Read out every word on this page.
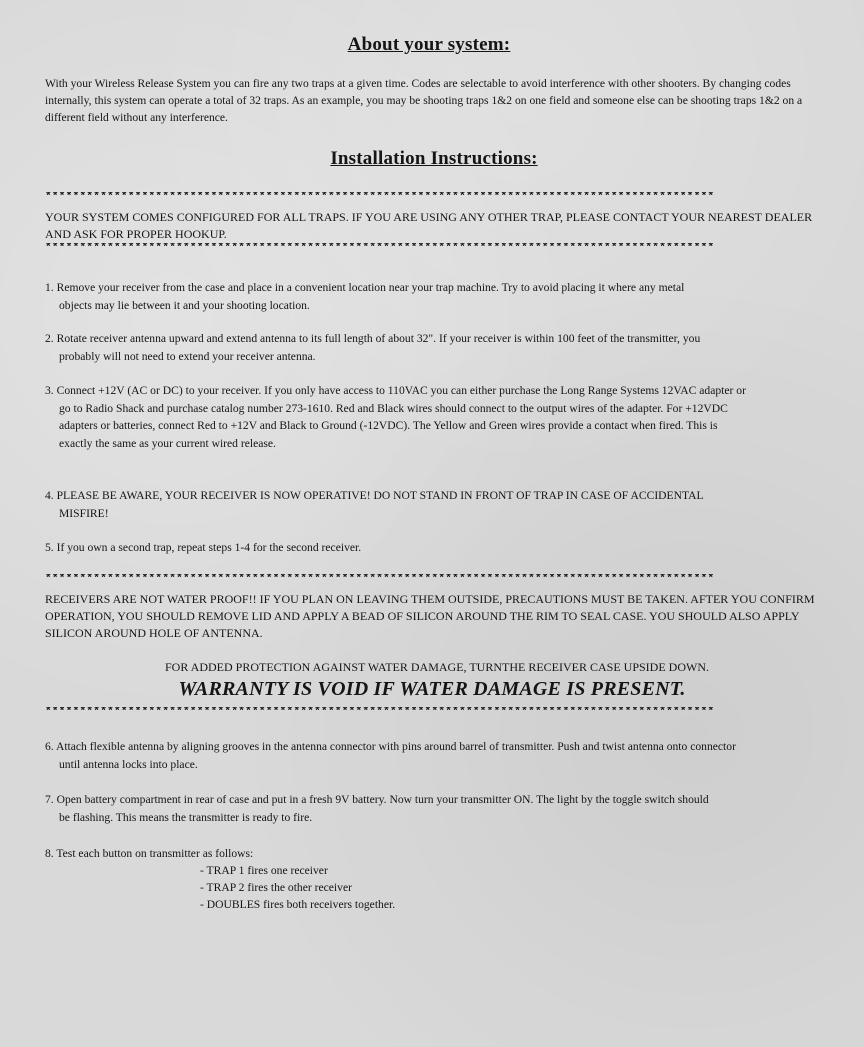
About your system:

With your Wireless Release System you can fire any two traps at a given time. Codes are selectable to avoid interference with other shooters. By changing codes internally, this system can operate a total of 32 traps. As an example, you may be shooting traps 1&2 on one field and someone else can be shooting traps 1&2 on a different field without any interference.

Installation Instructions:
*************************************************************************************************

YOUR SYSTEM COMES CONFIGURED FOR ALL TRAPS. IF YOU ARE USING ANY OTHER TRAP, PLEASE CONTACT YOUR NEAREST DEALER AND ASK FOR PROPER HOOKUP.

*************************************************************************************************

1. Remove your receiver from the case and place in a convenient location near your trap machine. Try to avoid placing it where any metal objects may lie between it and your shooting location.

2. Rotate receiver antenna upward and extend antenna to its full length of about 32". If your receiver is within 100 feet of the transmitter, you probably will not need to extend your receiver antenna.

3. Connect +12V (AC or DC) to your receiver. If you only have access to 110VAC you can either purchase the Long Range Systems 12VAC adapter or go to Radio Shack and purchase catalog number 273-1610. Red and Black wires should connect to the output wires of the adapter. For +12VDC adapters or batteries, connect Red to +12V and Black to Ground (-12VDC). The Yellow and Green wires provide a contact when fired. This is exactly the same as your current wired release.

4. PLEASE BE AWARE, YOUR RECEIVER IS NOW OPERATIVE! DO NOT STAND IN FRONT OF TRAP IN CASE OF ACCIDENTAL MISFIRE!

5. If you own a second trap, repeat steps 1-4 for the second receiver.

*************************************************************************************************

RECEIVERS ARE NOT WATER PROOF!! IF YOU PLAN ON LEAVING THEM OUTSIDE, PRECAUTIONS MUST BE TAKEN. AFTER YOU CONFIRM OPERATION, YOU SHOULD REMOVE LID AND APPLY A BEAD OF SILICON AROUND THE RIM TO SEAL CASE. YOU SHOULD ALSO APPLY SILICON AROUND HOLE OF ANTENNA.

FOR ADDED PROTECTION AGAINST WATER DAMAGE, TURNTHE RECEIVER CASE UPSIDE DOWN.
WARRANTY IS VOID IF WATER DAMAGE IS PRESENT.
*************************************************************************************************

6. Attach flexible antenna by aligning grooves in the antenna connector with pins around barrel of transmitter. Push and twist antenna onto connector until antenna locks into place.

7. Open battery compartment in rear of case and put in a fresh 9V battery. Now turn your transmitter ON. The light by the toggle switch should be flashing. This means the transmitter is ready to fire.

8. Test each button on transmitter as follows:

- TRAP 1 fires one receiver
- TRAP 2 fires the other receiver
- DOUBLES fires both receivers together.
